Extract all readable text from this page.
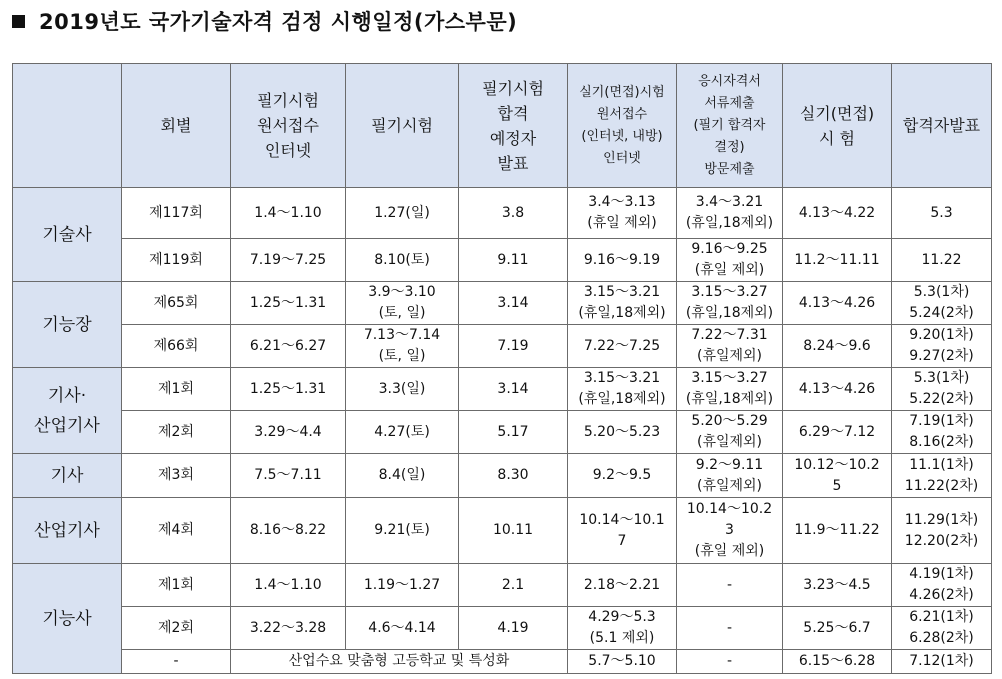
2019년도 국가기술자격 검정 시행일정(가스부문)
	회별	필기시험
원서접수
인터넷	필기시험	필기시험
합격
예정자
발표	실기(면접)시험
원서접수
(인터넷, 내방)
인터넷	응시자격서
서류제출
(필기 합격자
결정)
방문제출	실기(면접)
시 험	합격자발표

기술사	제117회	1.4～1.10	1.27(일)	3.8	3.4～3.13
(휴일 제외)	3.4～3.21
(휴일,18제외)	4.13～4.22	5.3
	제119회	7.19～7.25	8.10(토)	9.11	9.16～9.19	9.16～9.25
(휴일 제외)	11.2～11.11	11.22

기능장	제65회	1.25～1.31	3.9～3.10
(토, 일)	3.14	3.15～3.21
(휴일,18제외)	3.15～3.27
(휴일,18제외)	4.13～4.26	5.3(1차)
5.24(2차)

	제66회	6.21～6.27	7.13～7.14
(토, 일)	7.19	7.22～7.25	7.22～7.31
(휴일제외)	8.24～9.6	9.20(1차)
9.27(2차)

기사·
산업기사	제1회	1.25～1.31	3.3(일)	3.14	3.15～3.21
(휴일,18제외)	3.15～3.27
(휴일,18제외)	4.13～4.26	5.3(1차)
5.22(2차)

	제2회	3.29～4.4	4.27(토)	5.17	5.20～5.23	5.20～5.29
(휴일제외)	6.29～7.12	7.19(1차)
8.16(2차)

기사	제3회	7.5～7.11	8.4(일)	8.30	9.2～9.5	9.2～9.11
(휴일제외)	10.12～10.2
5	11.1(1차)
11.22(2차)

산업기사	제4회	8.16～8.22	9.21(토)	10.11	10.14～10.1
7	10.14～10.2
3
(휴일 제외)	11.9～11.22	11.29(1차)
12.20(2차)

기능사	제1회	1.4～1.10	1.19～1.27	2.1	2.18～2.21	-	3.23～4.5	4.19(1차)
4.26(2차)

	제2회	3.22～3.28	4.6～4.14	4.19	4.29～5.3
(5.1 제외)	-	5.25～6.7	6.21(1차)
6.28(2차)

	-	산업수요 맞춤형 고등학교 및 특성화			5.7～5.10	-	6.15～6.28	7.12(1차)
